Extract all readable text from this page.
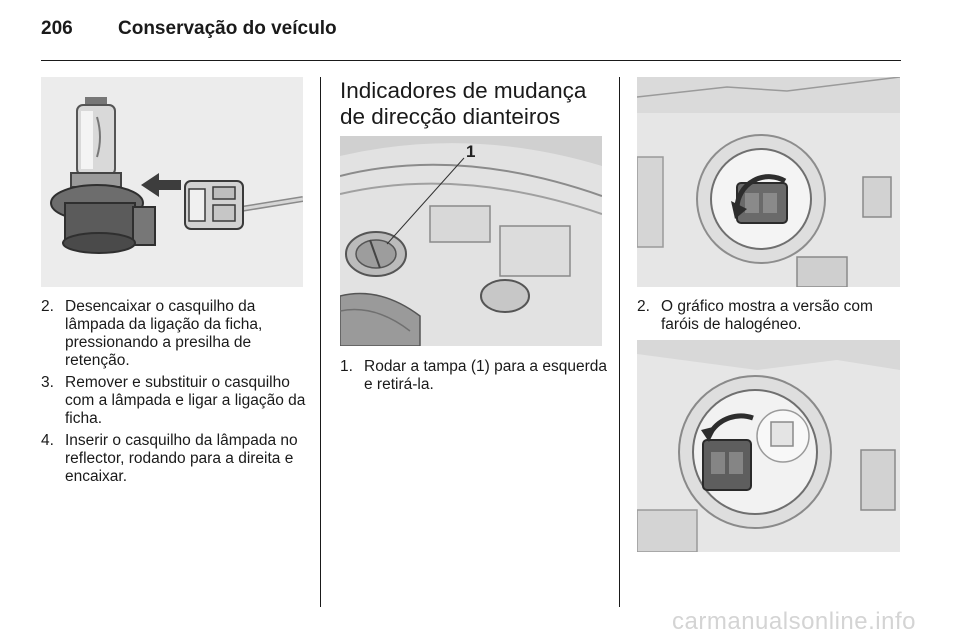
206 Conservação do veículo
2. Desencaixar o casquilho da lâmpada da ligação da ficha, pressionando a presilha de retenção.
3. Remover e substituir o casquilho com a lâmpada e ligar a ligação da ficha.
4. Inserir o casquilho da lâmpada no reflector, rodando para a direita e encaixar.
Indicadores de mudança de direcção dianteiros
1
1. Rodar a tampa (1) para a esquerda e retirá-la.
2. O gráfico mostra a versão com faróis de halogéneo.
carmanualsonline.info
